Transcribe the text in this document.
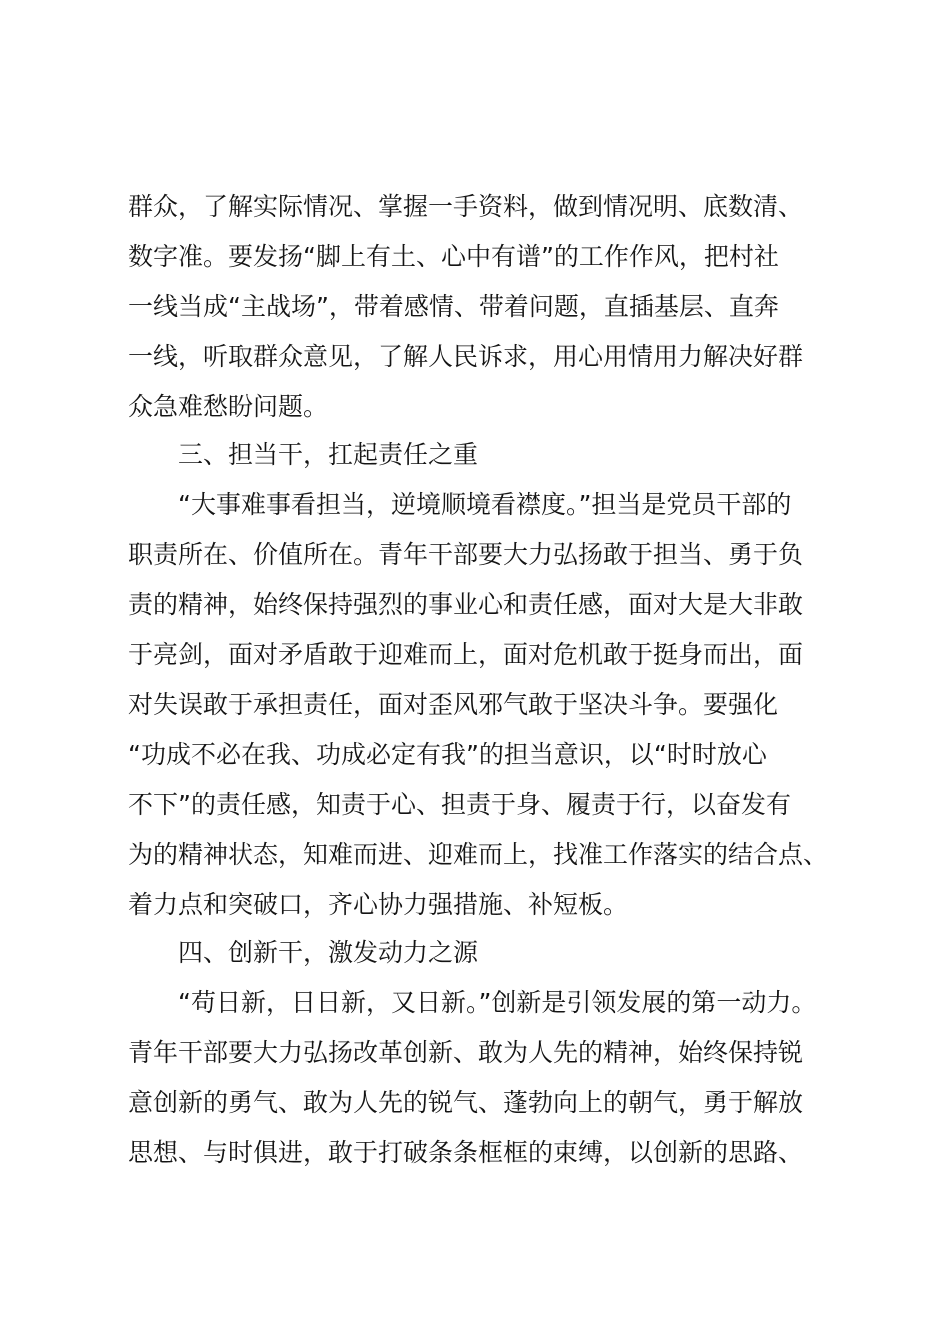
群众，了解实际情况、掌握一手资料，做到情况明、底数清、
数字准。要发扬“脚上有土、心中有谱”的工作作风，把村社
一线当成“主战场”，带着感情、带着问题，直插基层、直奔
一线，听取群众意见，了解人民诉求，用心用情用力解决好群
众急难愁盼问题。
三、担当干，扛起责任之重
“大事难事看担当，逆境顺境看襟度。”担当是党员干部的
职责所在、价值所在。青年干部要大力弘扬敢于担当、勇于负
责的精神，始终保持强烈的事业心和责任感，面对大是大非敢
于亮剑，面对矛盾敢于迎难而上，面对危机敢于挺身而出，面
对失误敢于承担责任，面对歪风邪气敢于坚决斗争。要强化
“功成不必在我、功成必定有我”的担当意识，以“时时放心
不下”的责任感，知责于心、担责于身、履责于行，以奋发有
为的精神状态，知难而进、迎难而上，找准工作落实的结合点、
着力点和突破口，齐心协力强措施、补短板。
四、创新干，激发动力之源
“苟日新，日日新，又日新。”创新是引领发展的第一动力。
青年干部要大力弘扬改革创新、敢为人先的精神，始终保持锐
意创新的勇气、敢为人先的锐气、蓬勃向上的朝气，勇于解放
思想、与时俱进，敢于打破条条框框的束缚，以创新的思路、
